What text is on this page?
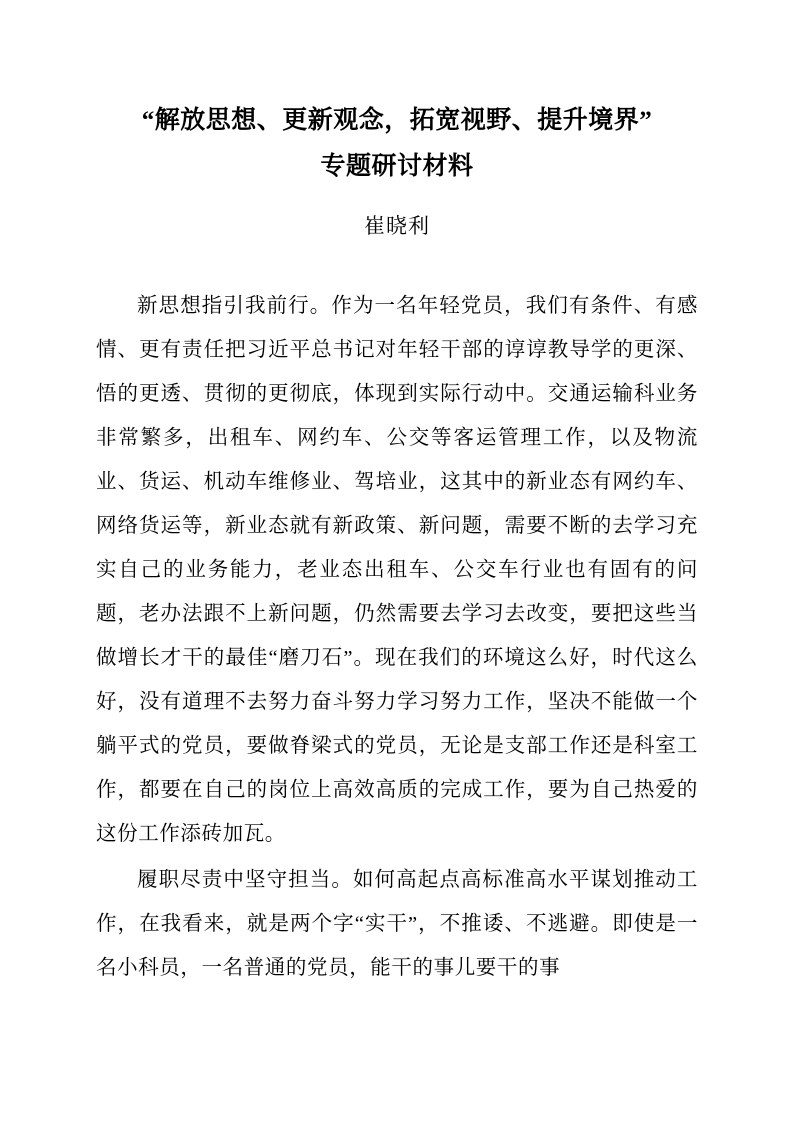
“解放思想、更新观念，拓宽视野、提升境界”
专题研讨材料
崔晓利

新思想指引我前行。作为一名年轻党员，我们有条件、有感情、更有责任把习近平总书记对年轻干部的谆谆教导学的更深、悟的更透、贯彻的更彻底，体现到实际行动中。交通运输科业务非常繁多，出租车、网约车、公交等客运管理工作，以及物流业、货运、机动车维修业、驾培业，这其中的新业态有网约车、网络货运等，新业态就有新政策、新问题，需要不断的去学习充实自己的业务能力，老业态出租车、公交车行业也有固有的问题，老办法跟不上新问题，仍然需要去学习去改变，要把这些当做增长才干的最佳“磨刀石”。现在我们的环境这么好，时代这么好，没有道理不去努力奋斗努力学习努力工作，坚决不能做一个躺平式的党员，要做脊梁式的党员，无论是支部工作还是科室工作，都要在自己的岗位上高效高质的完成工作，要为自己热爱的这份工作添砖加瓦。

履职尽责中坚守担当。如何高起点高标准高水平谋划推动工作，在我看来，就是两个字“实干”，不推诿、不逃避。即使是一名小科员，一名普通的党员，能干的事儿要干的事
